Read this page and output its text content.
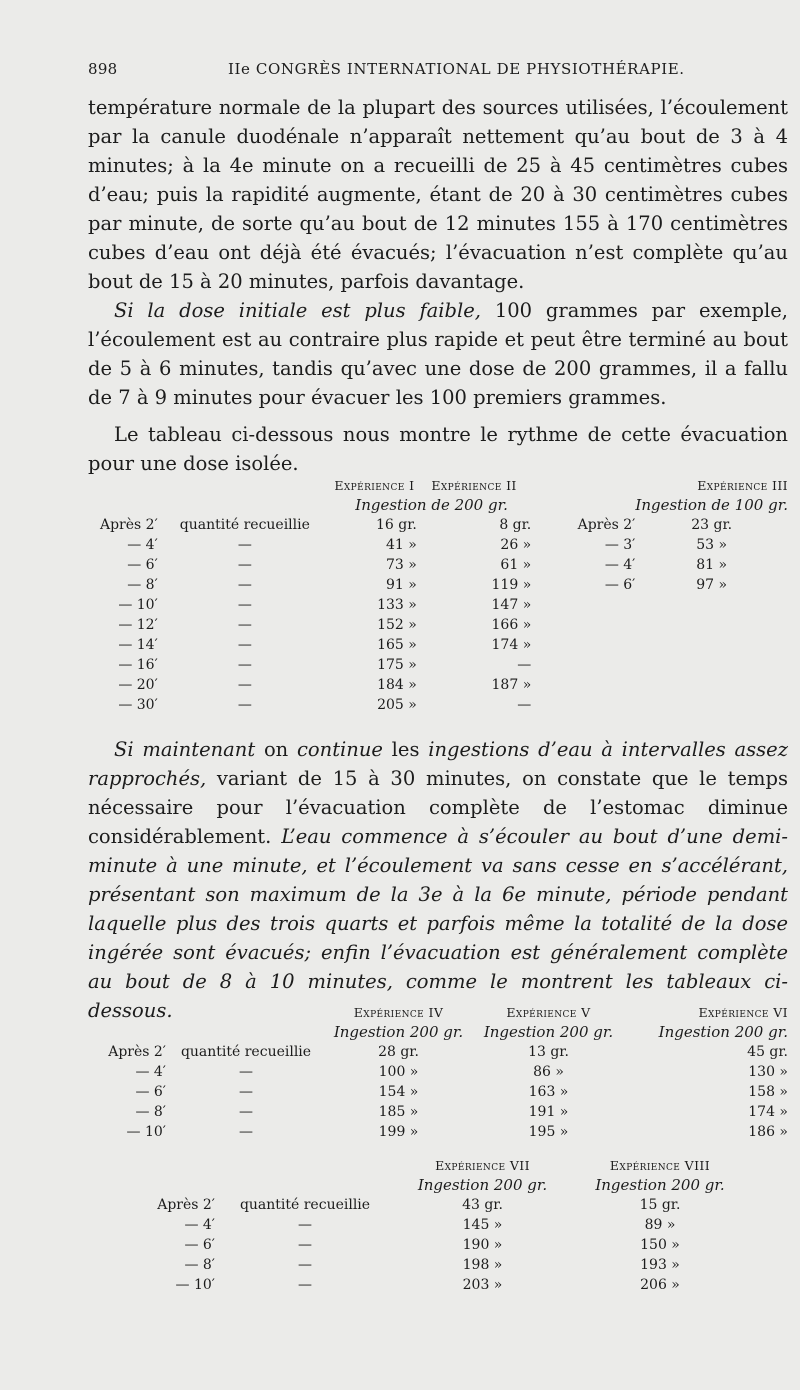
898	IIe CONGRÈS INTERNATIONAL DE PHYSIOTHÉRAPIE.
température normale de la plupart des sources utilisées, l’écoulement par la canule duodénale n’apparaît nettement qu’au bout de 3 à 4 minutes; à la 4e minute on a recueilli de 25 à 45 centimètres cubes d’eau; puis la rapidité augmente, étant de 20 à 30 centimètres cubes par minute, de sorte qu’au bout de 12 minutes 155 à 170 centimètres cubes d’eau ont déjà été évacués; l’évacuation n’est complète qu’au bout de 15 à 20 minutes, parfois davantage.
Si la dose initiale est plus faible, 100 grammes par exemple, l’écoulement est au contraire plus rapide et peut être terminé au bout de 5 à 6 minutes, tandis qu’avec une dose de 200 grammes, il a fallu de 7 à 9 minutes pour évacuer les 100 premiers grammes.
Le tableau ci-dessous nous montre le rythme de cette évacuation pour une dose isolée.
		Expérience I	Expérience II		Expérience III
		Ingestion de 200 gr.			Ingestion de 100 gr.
Après 2′	quantité recueillie	16 gr.	8 gr.	Après 2′	23 gr.
— 4′	—	41 »	26 »	— 3′	53 »
— 6′	—	73 »	61 »	— 4′	81 »
— 8′	—	91 »	119 »	— 6′	97 »
— 10′	—	133 »	147 »		
— 12′	—	152 »	166 »		
— 14′	—	165 »	174 »		
— 16′	—	175 »	—		
— 20′	—	184 »	187 »		
— 30′	—	205 »	—		
Si maintenant on continue les ingestions d’eau à intervalles assez rapprochés, variant de 15 à 30 minutes, on constate que le temps nécessaire pour l’évacuation complète de l’estomac diminue considérablement. L’eau commence à s’écouler au bout d’une demi-minute à une minute, et l’écoulement va sans cesse en s’accélérant, présentant son maximum de la 3e à la 6e minute, période pendant laquelle plus des trois quarts et parfois même la totalité de la dose ingérée sont évacués; enfin l’évacuation est généralement complète au bout de 8 à 10 minutes, comme le montrent les tableaux ci-dessous.
			Expérience IV	Expérience V	Expérience VI
		Ingestion 200 gr.	Ingestion 200 gr.	Ingestion 200 gr.
Après 2′	quantité recueillie	28 gr.	13 gr.	45 gr.
— 4′	—	100 »	86 »	130 »
— 6′	—	154 »	163 »	158 »
— 8′	—	185 »	191 »	174 »
— 10′	—	199 »	195 »	186 »
		Expérience VII	Expérience VIII
		Ingestion 200 gr.	Ingestion 200 gr.
Après 2′	quantité recueillie	43 gr.	15 gr.
— 4′	—	145 »	89 »
— 6′	—	190 »	150 »
— 8′	—	198 »	193 »
— 10′	—	203 »	206 »
